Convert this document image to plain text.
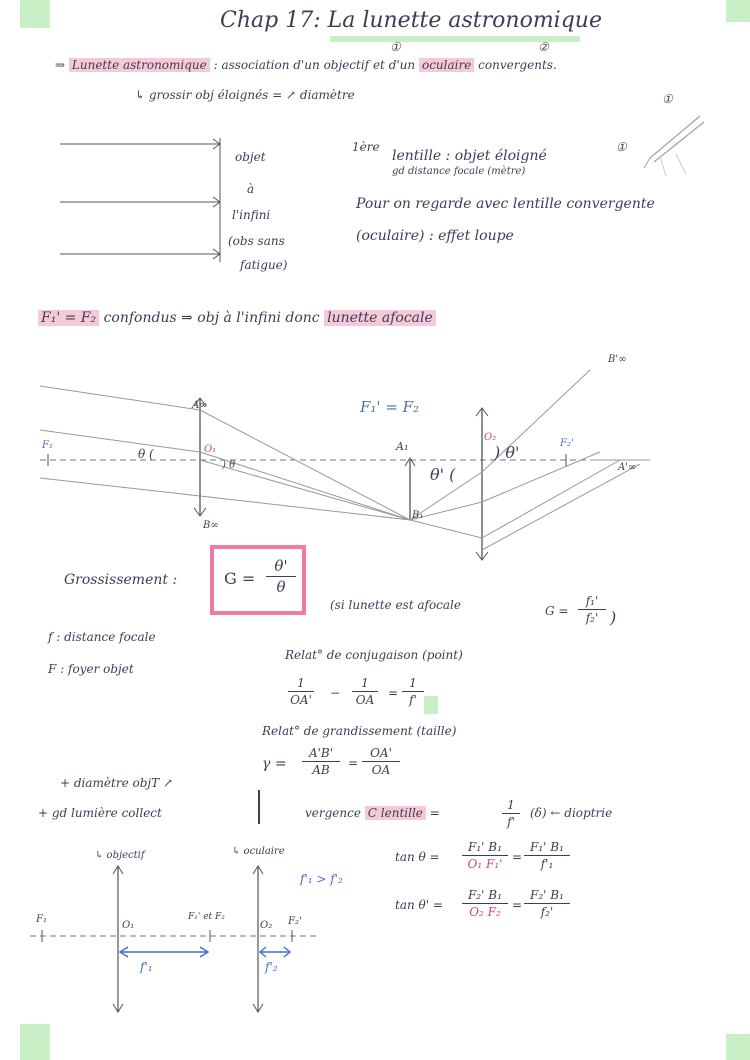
Chap 17: La lunette astronomique
①	②
⇒ Lunette astronomique : association d'un objectif et d'un oculaire convergents.
↳ grossir obj éloignés = ↗ diamètre	①
objet
à
l'infini
(obs sans
fatigue)
1ère
lentille : objet éloigné
①
gd distance focale (mètre)
Pour on regarde avec lentille convergente
(oculaire) : effet loupe
F₁' = F₂ confondus ⇒ obj à l'infini donc lunette afocale
F₁
θ (	O₁
) θ
A∞
B∞
F₁' = F₂
A₁
B₁
θ' (
O₂
) θ'	F₂'
A'∞
B'∞
Grossissement :	G =
θ'
θ
(si lunette est afocale	G =
f₁'
f₂' )
f : distance focale
F : foyer objet
Relat° de conjugaison (point)
1
OA' −
1
OA	=
1
f'
Relat° de grandissement (taille)
γ =
A'B'
AB	=
OA'
OA
+ diamètre objT ↗
+ gd lumière collect	vergence C lentille =
1
f'
(δ) ← dioptrie
tan θ =
F₁' B₁
O₁ F₁' =
F₁' B₁
f'₁
tan θ' =
F₂' B₁
O₂ F₂ =
F₂' B₁
f₂'
↳ objectif	↳ oculaire
f'₁ > f'₂
F₁
O₁
F₁' et F₂
O₂ F₂'
f'₁	f'₂
